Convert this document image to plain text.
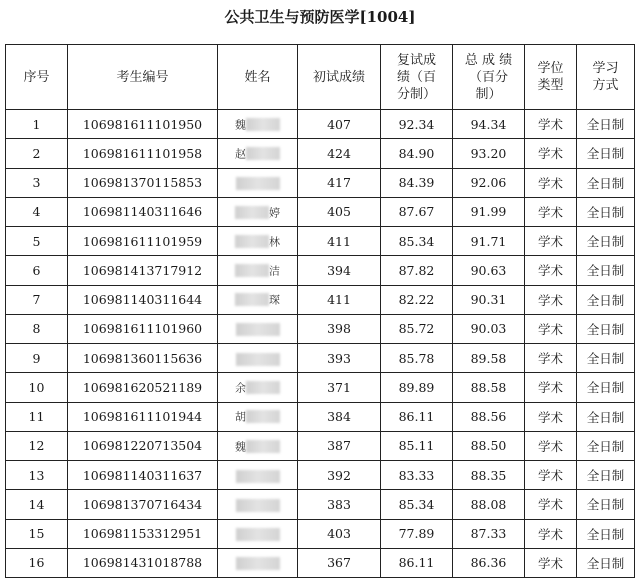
公共卫生与预防医学[1004]
序号	考生编号	姓名	初试成绩	复试成绩（百分制）	总 成 绩（百分制）	学位类型	学习方式
1	106981611101950	魏	407	92.34	94.34	学术	全日制
2	106981611101958	赵	424	84.90	93.20	学术	全日制
3	106981370115853		417	84.39	92.06	学术	全日制
4	106981140311646	婷	405	87.67	91.99	学术	全日制
5	106981611101959	林	411	85.34	91.71	学术	全日制
6	106981413717912	洁	394	87.82	90.63	学术	全日制
7	106981140311644	琛	411	82.22	90.31	学术	全日制
8	106981611101960		398	85.72	90.03	学术	全日制
9	106981360115636		393	85.78	89.58	学术	全日制
10	106981620521189	余	371	89.89	88.58	学术	全日制
11	106981611101944	胡	384	86.11	88.56	学术	全日制
12	106981220713504	魏	387	85.11	88.50	学术	全日制
13	106981140311637		392	83.33	88.35	学术	全日制
14	106981370716434		383	85.34	88.08	学术	全日制
15	106981153312951		403	77.89	87.33	学术	全日制
16	106981431018788		367	86.11	86.36	学术	全日制
